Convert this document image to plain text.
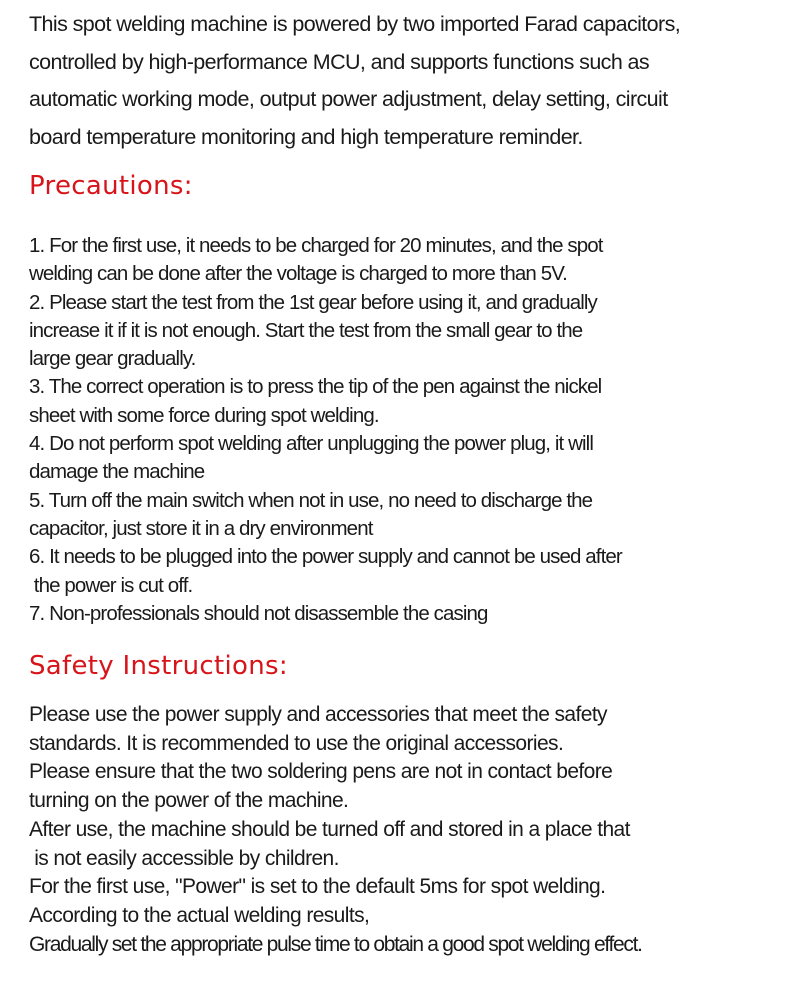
This spot welding machine is powered by two imported Farad capacitors,
controlled by high-performance MCU, and supports functions such as
automatic working mode, output power adjustment, delay setting, circuit
board temperature monitoring and high temperature reminder.
Precautions:
1. For the first use, it needs to be charged for 20 minutes, and the spot
welding can be done after the voltage is charged to more than 5V.
2. Please start the test from the 1st gear before using it, and gradually
increase it if it is not enough. Start the test from the small gear to the
large gear gradually.
3. The correct operation is to press the tip of the pen against the nickel
sheet with some force during spot welding.
4. Do not perform spot welding after unplugging the power plug, it will
damage the machine
5. Turn off the main switch when not in use, no need to discharge the
capacitor, just store it in a dry environment
6. It needs to be plugged into the power supply and cannot be used after
the power is cut off.
7. Non-professionals should not disassemble the casing
Safety Instructions:
Please use the power supply and accessories that meet the safety
standards. It is recommended to use the original accessories.
Please ensure that the two soldering pens are not in contact before
turning on the power of the machine.
After use, the machine should be turned off and stored in a place that
is not easily accessible by children.
For the first use, "Power" is set to the default 5ms for spot welding.
According to the actual welding results,
Gradually set the appropriate pulse time to obtain a good spot welding effect.
